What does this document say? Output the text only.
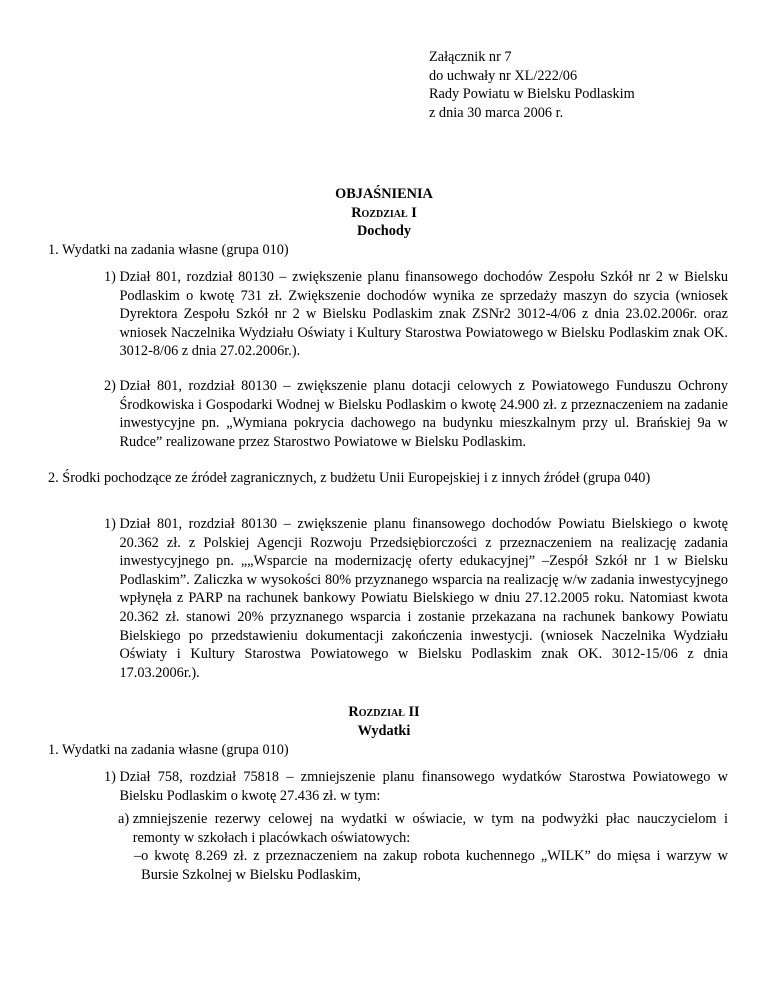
Załącznik nr 7
do uchwały nr XL/222/06
Rady Powiatu w Bielsku Podlaskim
z dnia 30 marca 2006 r.
OBJAŚNIENIA
Rozdział I
Dochody
1. Wydatki na zadania własne (grupa 010)
1) Dział 801, rozdział 80130 – zwiększenie planu finansowego dochodów Zespołu Szkół nr 2 w Bielsku Podlaskim o kwotę 731 zł. Zwiększenie dochodów wynika ze sprzedaży maszyn do szycia (wniosek Dyrektora Zespołu Szkół nr 2 w Bielsku Podlaskim znak ZSNr2 3012-4/06 z dnia 23.02.2006r. oraz wniosek Naczelnika Wydziału Oświaty i Kultury Starostwa Powiatowego w Bielsku Podlaskim znak OK. 3012-8/06 z dnia 27.02.2006r.).
2) Dział 801, rozdział 80130 – zwiększenie planu dotacji celowych z Powiatowego Funduszu Ochrony Środkowiska i Gospodarki Wodnej w Bielsku Podlaskim o kwotę 24.900 zł. z przeznaczeniem na zadanie inwestycyjne pn. „Wymiana pokrycia dachowego na budynku mieszkalnym przy ul. Brańskiej 9a w Rudce” realizowane przez Starostwo Powiatowe w Bielsku Podlaskim.
2. Środki pochodzące ze źródeł zagranicznych, z budżetu Unii Europejskiej i z innych źródeł (grupa 040)
1) Dział 801, rozdział 80130 – zwiększenie planu finansowego dochodów Powiatu Bielskiego o kwotę 20.362 zł. z Polskiej Agencji Rozwoju Przedsiębiorczości z przeznaczeniem na realizację zadania inwestycyjnego pn. „„Wsparcie na modernizację oferty edukacyjnej” –Zespół Szkół nr 1 w Bielsku Podlaskim”. Zaliczka w wysokości 80% przyznanego wsparcia na realizację w/w zadania inwestycyjnego wpłynęła z PARP na rachunek bankowy Powiatu Bielskiego w dniu 27.12.2005 roku. Natomiast kwota 20.362 zł. stanowi 20% przyznanego wsparcia i zostanie przekazana na rachunek bankowy Powiatu Bielskiego po przedstawieniu dokumentacji zakończenia inwestycji. (wniosek Naczelnika Wydziału Oświaty i Kultury Starostwa Powiatowego w Bielsku Podlaskim znak OK. 3012-15/06 z dnia 17.03.2006r.).
Rozdział II
Wydatki
1. Wydatki na zadania własne (grupa 010)
1) Dział 758, rozdział 75818 – zmniejszenie planu finansowego wydatków Starostwa Powiatowego w Bielsku Podlaskim o kwotę 27.436 zł. w tym:
a) zmniejszenie rezerwy celowej na wydatki w oświacie, w tym na podwyżki płac nauczycielom i remonty w szkołach i placówkach oświatowych:
– o kwotę 8.269 zł. z przeznaczeniem na zakup robota kuchennego „WILK” do mięsa i warzyw w Bursie Szkolnej w Bielsku Podlaskim,
